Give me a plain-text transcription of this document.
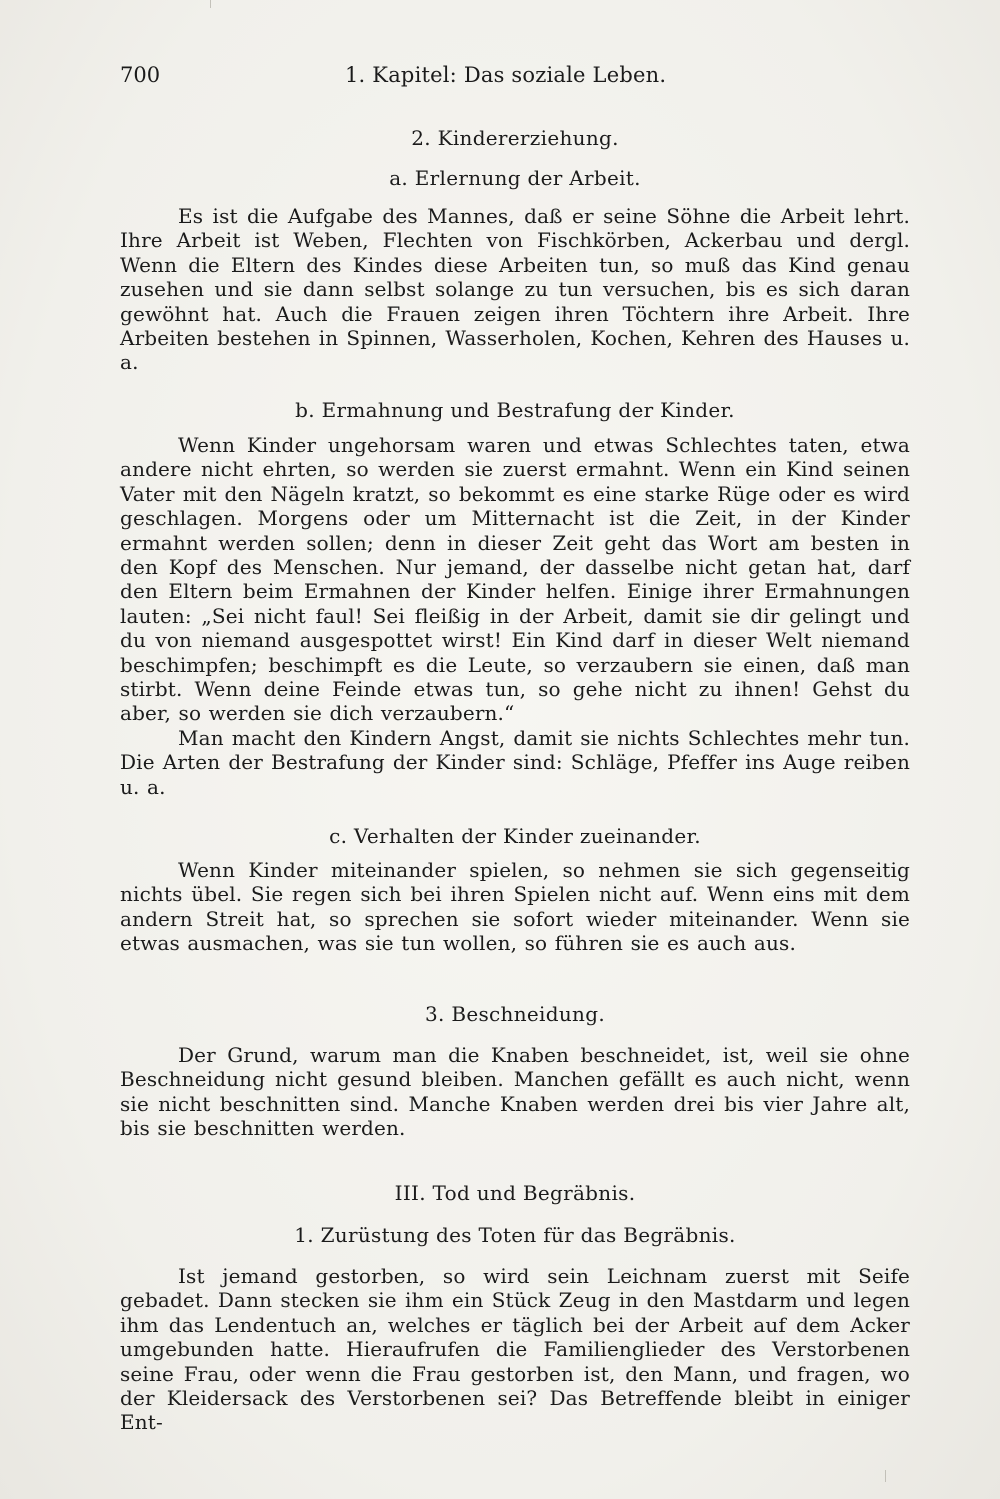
700	1. Kapitel: Das soziale Leben.
2. Kindererziehung.
a. Erlernung der Arbeit.

Es ist die Aufgabe des Mannes, daß er seine Söhne die Arbeit lehrt. Ihre Arbeit ist Weben, Flechten von Fischkörben, Ackerbau und dergl. Wenn die Eltern des Kindes diese Arbeiten tun, so muß das Kind genau zusehen und sie dann selbst solange zu tun versuchen, bis es sich daran gewöhnt hat. Auch die Frauen zeigen ihren Töchtern ihre Arbeit. Ihre Arbeiten bestehen in Spinnen, Wasserholen, Kochen, Kehren des Hauses u. a.

b. Ermahnung und Bestrafung der Kinder.

Wenn Kinder ungehorsam waren und etwas Schlechtes taten, etwa andere nicht ehrten, so werden sie zuerst ermahnt. Wenn ein Kind seinen Vater mit den Nägeln kratzt, so bekommt es eine starke Rüge oder es wird geschlagen. Morgens oder um Mitternacht ist die Zeit, in der Kinder ermahnt werden sollen; denn in dieser Zeit geht das Wort am besten in den Kopf des Menschen. Nur jemand, der dasselbe nicht getan hat, darf den Eltern beim Ermahnen der Kinder helfen. Einige ihrer Ermahnungen lauten: „Sei nicht faul! Sei fleißig in der Arbeit, damit sie dir gelingt und du von niemand ausgespottet wirst! Ein Kind darf in dieser Welt niemand beschimpfen; beschimpft es die Leute, so verzaubern sie einen, daß man stirbt. Wenn deine Feinde etwas tun, so gehe nicht zu ihnen! Gehst du aber, so werden sie dich verzaubern.“

Man macht den Kindern Angst, damit sie nichts Schlechtes mehr tun. Die Arten der Bestrafung der Kinder sind: Schläge, Pfeffer ins Auge reiben u. a.

c. Verhalten der Kinder zueinander.

Wenn Kinder miteinander spielen, so nehmen sie sich gegenseitig nichts übel. Sie regen sich bei ihren Spielen nicht auf. Wenn eins mit dem andern Streit hat, so sprechen sie sofort wieder miteinander. Wenn sie etwas ausmachen, was sie tun wollen, so führen sie es auch aus.

3. Beschneidung.

Der Grund, warum man die Knaben beschneidet, ist, weil sie ohne Beschneidung nicht gesund bleiben. Manchen gefällt es auch nicht, wenn sie nicht beschnitten sind. Manche Knaben werden drei bis vier Jahre alt, bis sie beschnitten werden.

III. Tod und Begräbnis.
1. Zurüstung des Toten für das Begräbnis.

Ist jemand gestorben, so wird sein Leichnam zuerst mit Seife gebadet. Dann stecken sie ihm ein Stück Zeug in den Mastdarm und legen ihm das Lendentuch an, welches er täglich bei der Arbeit auf dem Acker umgebunden hatte. Hieraufrufen die Familienglieder des Verstorbenen seine Frau, oder wenn die Frau gestorben ist, den Mann, und fragen, wo der Kleidersack des Verstorbenen sei? Das Betreffende bleibt in einiger Ent-
